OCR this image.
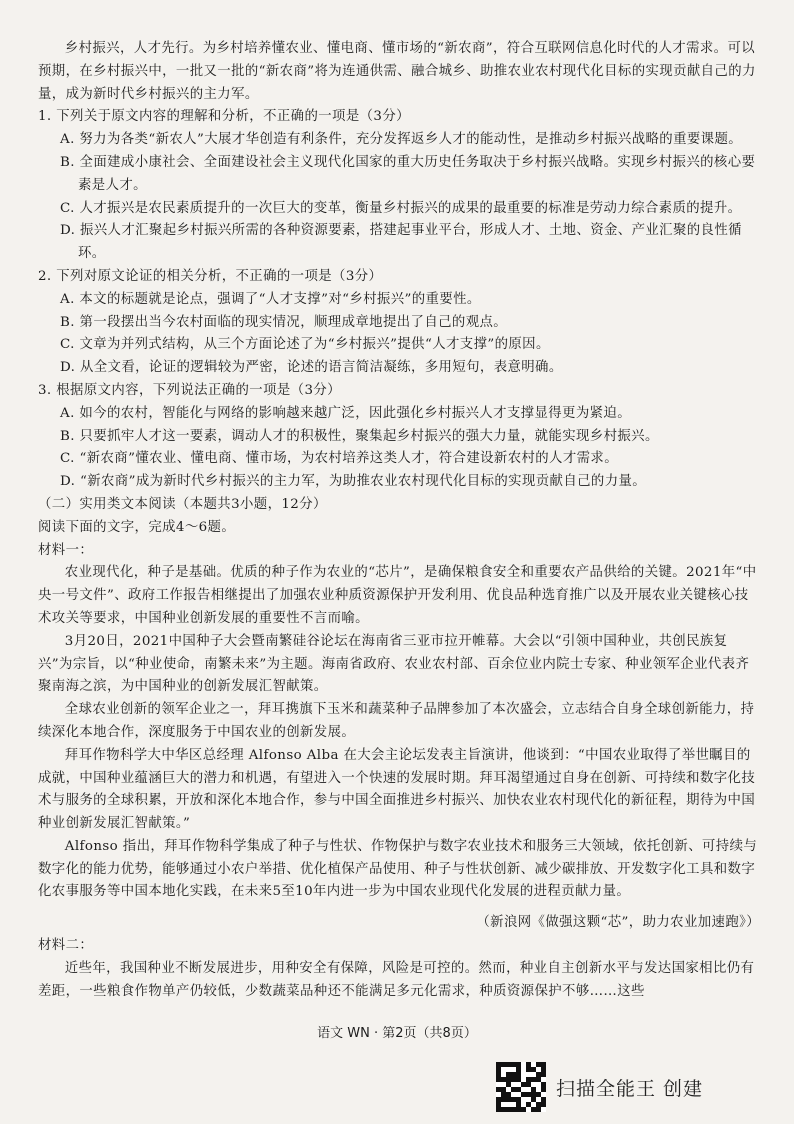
乡村振兴，人才先行。为乡村培养懂农业、懂电商、懂市场的“新农商”，符合互联网信息化时代的人才需求。可以预期，在乡村振兴中，一批又一批的“新农商”将为连通供需、融合城乡、助推农业农村现代化目标的实现贡献自己的力量，成为新时代乡村振兴的主力军。

1. 下列关于原文内容的理解和分析，不正确的一项是（3分）

A. 努力为各类“新农人”大展才华创造有利条件，充分发挥返乡人才的能动性，是推动乡村振兴战略的重要课题。

B. 全面建成小康社会、全面建设社会主义现代化国家的重大历史任务取决于乡村振兴战略。实现乡村振兴的核心要素是人才。

C. 人才振兴是农民素质提升的一次巨大的变革，衡量乡村振兴的成果的最重要的标准是劳动力综合素质的提升。

D. 振兴人才汇聚起乡村振兴所需的各种资源要素，搭建起事业平台，形成人才、土地、资金、产业汇聚的良性循环。

2. 下列对原文论证的相关分析，不正确的一项是（3分）

A. 本文的标题就是论点，强调了“人才支撑”对“乡村振兴”的重要性。

B. 第一段摆出当今农村面临的现实情况，顺理成章地提出了自己的观点。

C. 文章为并列式结构，从三个方面论述了为“乡村振兴”提供“人才支撑”的原因。

D. 从全文看，论证的逻辑较为严密，论述的语言简洁凝练，多用短句，表意明确。

3. 根据原文内容，下列说法正确的一项是（3分）

A. 如今的农村，智能化与网络的影响越来越广泛，因此强化乡村振兴人才支撑显得更为紧迫。

B. 只要抓牢人才这一要素，调动人才的积极性，聚集起乡村振兴的强大力量，就能实现乡村振兴。

C. “新农商”懂农业、懂电商、懂市场，为农村培养这类人才，符合建设新农村的人才需求。

D. “新农商”成为新时代乡村振兴的主力军，为助推农业农村现代化目标的实现贡献自己的力量。

（二）实用类文本阅读（本题共3小题，12分）

阅读下面的文字，完成4～6题。

材料一：

农业现代化，种子是基础。优质的种子作为农业的“芯片”，是确保粮食安全和重要农产品供给的关键。2021年“中央一号文件”、政府工作报告相继提出了加强农业种质资源保护开发利用、优良品种选育推广以及开展农业关键核心技术攻关等要求，中国种业创新发展的重要性不言而喻。

3月20日，2021中国种子大会暨南繁硅谷论坛在海南省三亚市拉开帷幕。大会以“引领中国种业，共创民族复兴”为宗旨，以“种业使命，南繁未来”为主题。海南省政府、农业农村部、百余位业内院士专家、种业领军企业代表齐聚南海之滨，为中国种业的创新发展汇智献策。

全球农业创新的领军企业之一，拜耳携旗下玉米和蔬菜种子品牌参加了本次盛会，立志结合自身全球创新能力，持续深化本地合作，深度服务于中国农业的创新发展。

拜耳作物科学大中华区总经理 Alfonso Alba 在大会主论坛发表主旨演讲，他谈到：“中国农业取得了举世瞩目的成就，中国种业蕴涵巨大的潜力和机遇，有望进入一个快速的发展时期。拜耳渴望通过自身在创新、可持续和数字化技术与服务的全球积累，开放和深化本地合作，参与中国全面推进乡村振兴、加快农业农村现代化的新征程，期待为中国种业创新发展汇智献策。”

Alfonso 指出，拜耳作物科学集成了种子与性状、作物保护与数字农业技术和服务三大领域，依托创新、可持续与数字化的能力优势，能够通过小农户举措、优化植保产品使用、种子与性状创新、减少碳排放、开发数字化工具和数字化农事服务等中国本地化实践，在未来5至10年内进一步为中国农业现代化发展的进程贡献力量。

（新浪网《做强这颗“芯”，助力农业加速跑》）

材料二：

近些年，我国种业不断发展进步，用种安全有保障，风险是可控的。然而，种业自主创新水平与发达国家相比仍有差距，一些粮食作物单产仍较低，少数蔬菜品种还不能满足多元化需求，种质资源保护不够……这些

语文 WN · 第2页（共8页）
扫描全能王 创建
